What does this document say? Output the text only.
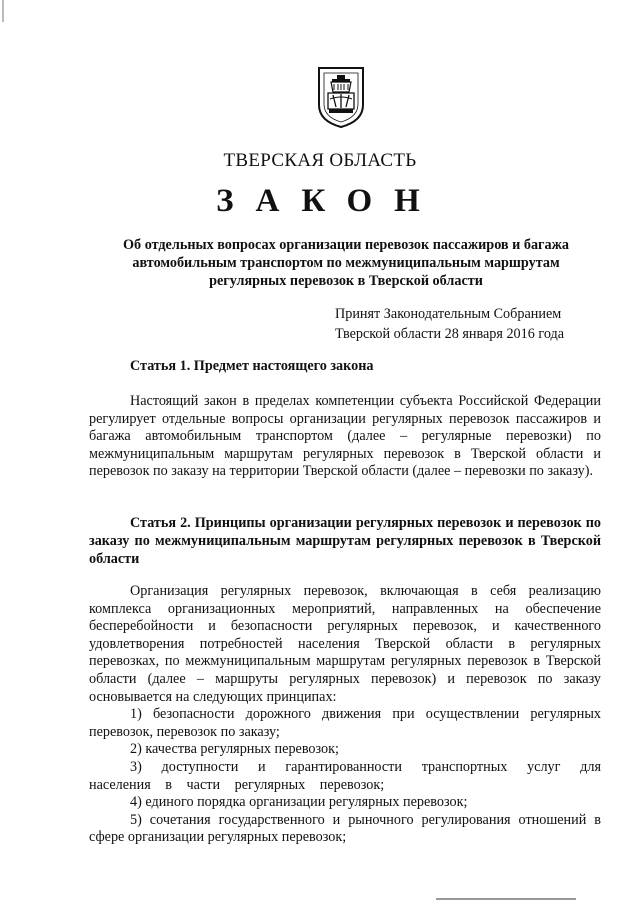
ТВЕРСКАЯ ОБЛАСТЬ
ЗАКОН
Об отдельных вопросах организации перевозок пассажиров и багажа автомобильным транспортом по межмуниципальным маршрутам регулярных перевозок в Тверской области
Принят Законодательным Собранием
Тверской области 28 января 2016 года
Статья 1. Предмет настоящего закона
Настоящий закон в пределах компетенции субъекта Российской Федерации регулирует отдельные вопросы организации регулярных перевозок пассажиров и багажа автомобильным транспортом (далее – регулярные перевозки) по межмуниципальным маршрутам регулярных перевозок в Тверской области и перевозок по заказу на территории Тверской области (далее – перевозки по заказу).
Статья 2. Принципы организации регулярных перевозок и перевозок по заказу по межмуниципальным маршрутам регулярных перевозок в Тверской области
Организация регулярных перевозок, включающая в себя реализацию комплекса организационных мероприятий, направленных на обеспечение бесперебойности и безопасности регулярных перевозок, и качественного удовлетворения потребностей населения Тверской области в регулярных перевозках, по межмуниципальным маршрутам регулярных перевозок в Тверской области (далее – маршруты регулярных перевозок) и перевозок по заказу основывается на следующих принципах:
1) безопасности дорожного движения при осуществлении регулярных перевозок, перевозок по заказу;
2) качества регулярных перевозок;
3) доступности и гарантированности транспортных услуг для населения в части регулярных перевозок;
4) единого порядка организации регулярных перевозок;
5) сочетания государственного и рыночного регулирования отношений в сфере организации регулярных перевозок;
